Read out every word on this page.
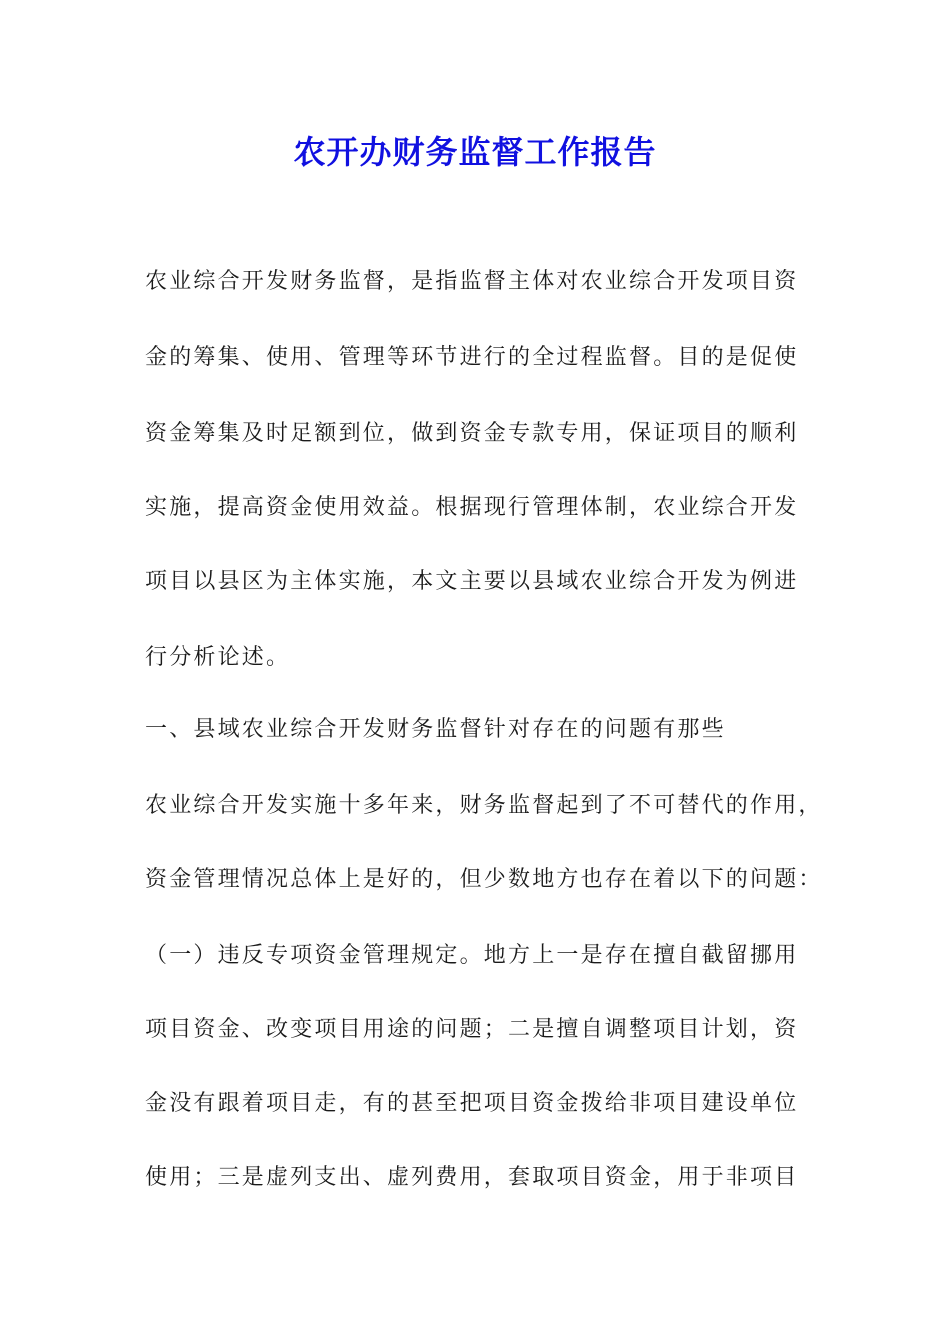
农开办财务监督工作报告

农业综合开发财务监督，是指监督主体对农业综合开发项目资

金的筹集、使用、管理等环节进行的全过程监督。目的是促使

资金筹集及时足额到位，做到资金专款专用，保证项目的顺利

实施，提高资金使用效益。根据现行管理体制，农业综合开发

项目以县区为主体实施，本文主要以县域农业综合开发为例进

行分析论述。

一、县域农业综合开发财务监督针对存在的问题有那些

农业综合开发实施十多年来，财务监督起到了不可替代的作用，

资金管理情况总体上是好的，但少数地方也存在着以下的问题：

（一）违反专项资金管理规定。地方上一是存在擅自截留挪用

项目资金、改变项目用途的问题；二是擅自调整项目计划，资

金没有跟着项目走，有的甚至把项目资金拨给非项目建设单位

使用；三是虚列支出、虚列费用，套取项目资金，用于非项目
